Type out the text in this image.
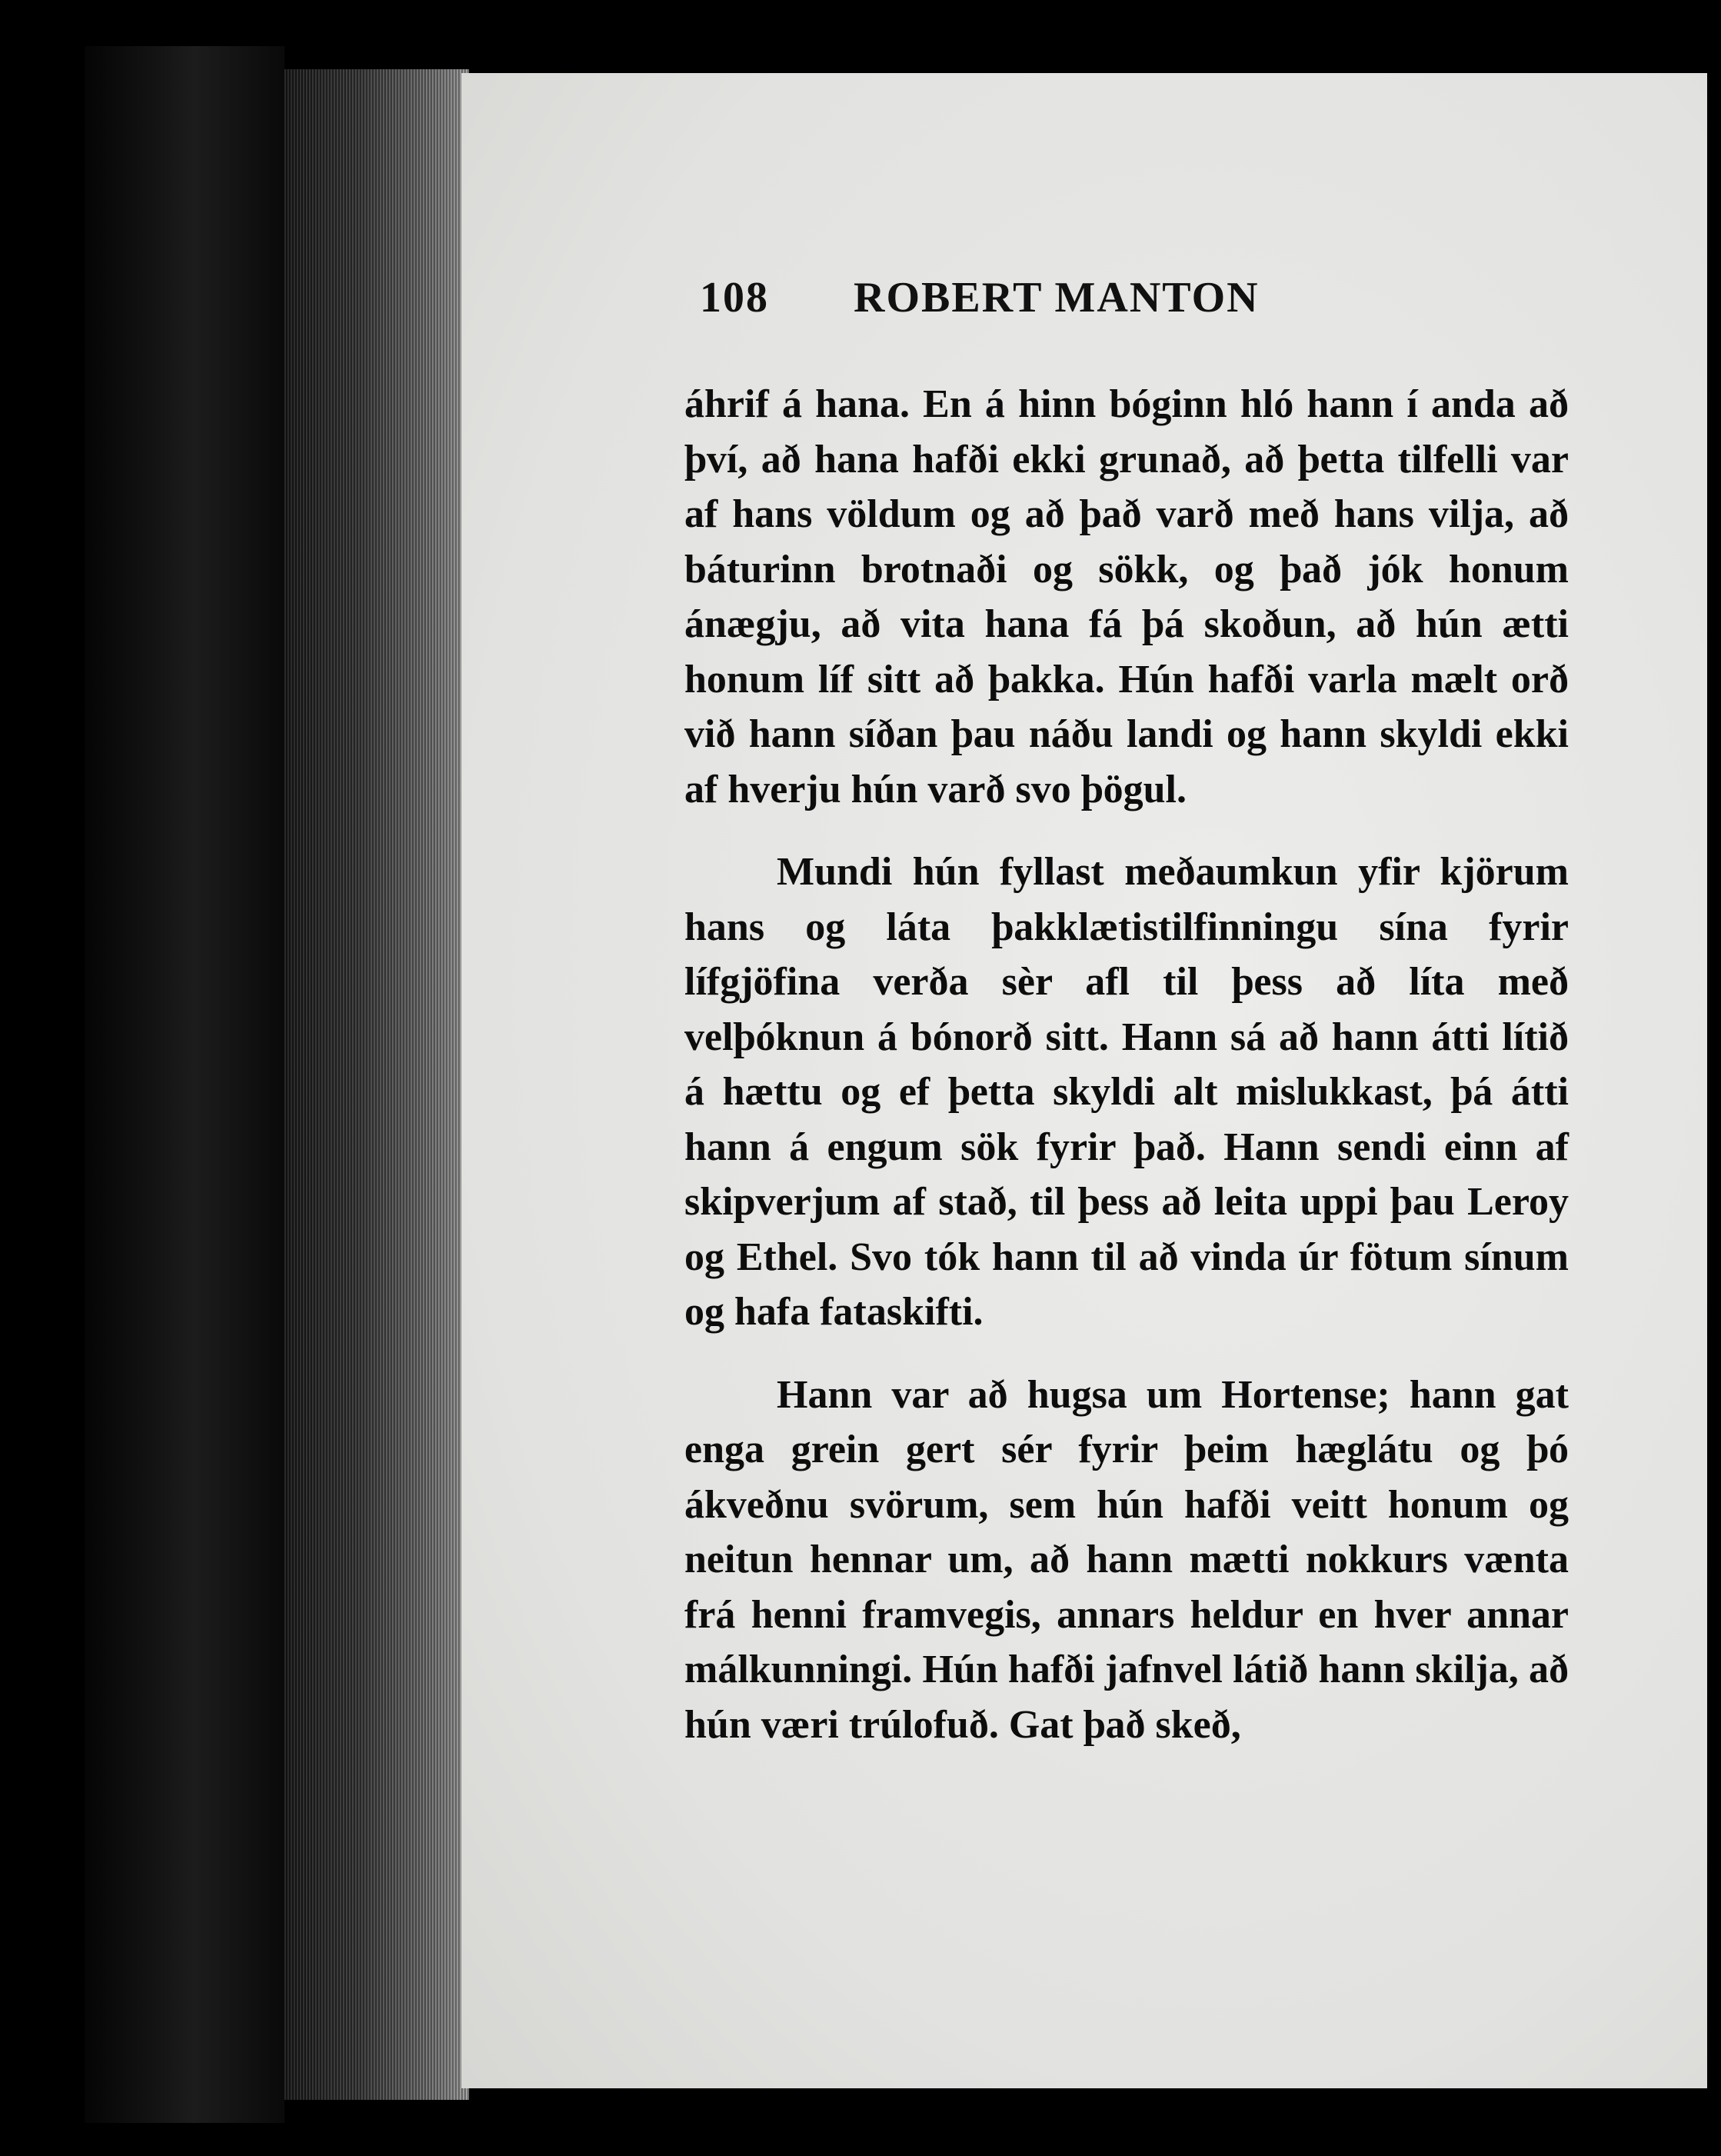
108 ROBERT MANTON

áhrif á hana. En á hinn bóginn hló hann í anda að því, að hana hafði ekki grunað, að þetta tilfelli var af hans völdum og að það varð með hans vilja, að báturinn brotnaði og sökk, og það jók honum ánægju, að vita hana fá þá skoðun, að hún ætti honum líf sitt að þakka. Hún hafði varla mælt orð við hann síðan þau náðu landi og hann skyldi ekki af hverju hún varð svo þögul.

Mundi hún fyllast meðaumkun yfir kjörum hans og láta þakklætistilfinningu sína fyrir lífgjöfina verða sèr afl til þess að líta með velþóknun á bónorð sitt. Hann sá að hann átti lítið á hættu og ef þetta skyldi alt mislukkast, þá átti hann á engum sök fyrir það. Hann sendi einn af skipverjum af stað, til þess að leita uppi þau Leroy og Ethel. Svo tók hann til að vinda úr fötum sínum og hafa fataskifti.

Hann var að hugsa um Hortense; hann gat enga grein gert sér fyrir þeim hæglátu og þó ákveðnu svörum, sem hún hafði veitt honum og neitun hennar um, að hann mætti nokkurs vænta frá henni framvegis, annars heldur en hver annar málkunningi. Hún hafði jafnvel látið hann skilja, að hún væri trúlofuð. Gat það skeð,
